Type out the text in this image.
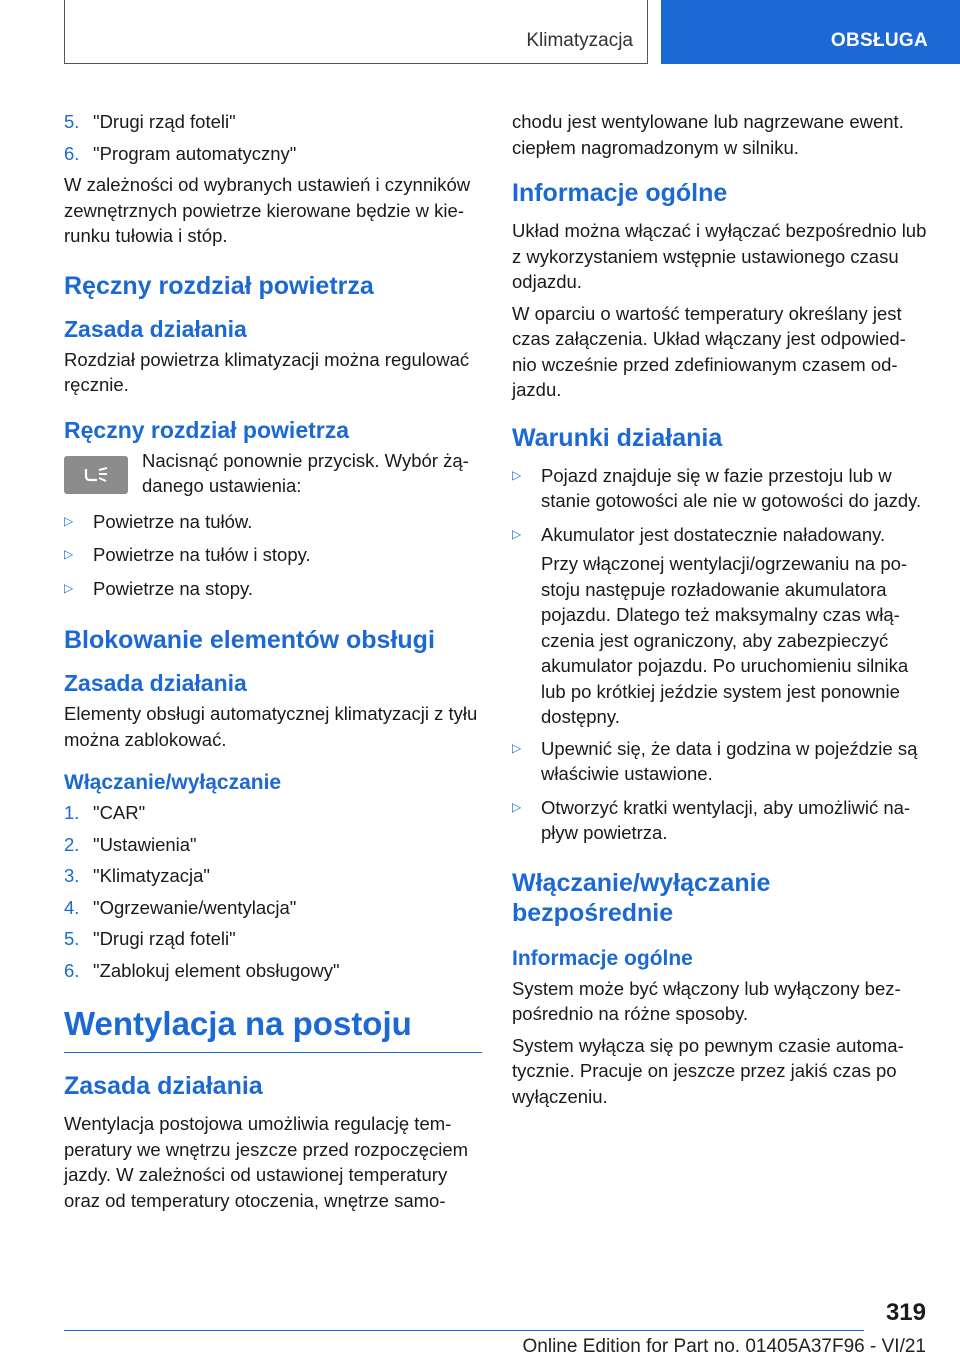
Klimatyzacja	OBSŁUGA
5. "Drugi rząd foteli"
6. "Program automatyczny"

W zależności od wybranych ustawień i czynników zewnętrznych powietrze kierowane będzie w kie-runku tułowia i stóp.

Ręczny rozdział powietrza
Zasada działania

Rozdział powietrza klimatyzacji można regulować ręcznie.

Ręczny rozdział powietrza
Nacisnąć ponownie przycisk. Wybór żą-danego ustawienia:
▷	Powietrze na tułów.
▷	Powietrze na tułów i stopy.
▷	Powietrze na stopy.
Blokowanie elementów obsługi
Zasada działania

Elementy obsługi automatycznej klimatyzacji z tyłu można zablokować.

Włączanie/wyłączanie
1. "CAR"
2. "Ustawienia"
3. "Klimatyzacja"
4. "Ogrzewanie/wentylacja"
5. "Drugi rząd foteli"
6. "Zablokuj element obsługowy"
Wentylacja na postoju
Zasada działania

Wentylacja postojowa umożliwia regulację tem-peratury we wnętrzu jeszcze przed rozpoczęciem jazdy. W zależności od ustawionej temperatury oraz od temperatury otoczenia, wnętrze samo-

chodu jest wentylowane lub nagrzewane ewent. ciepłem nagromadzonym w silniku.

Informacje ogólne

Układ można włączać i wyłączać bezpośrednio lub z wykorzystaniem wstępnie ustawionego czasu odjazdu.

W oparciu o wartość temperatury określany jest czas załączenia. Układ włączany jest odpowied-nio wcześnie przed zdefiniowanym czasem od-jazdu.

Warunki działania
▷	Pojazd znajduje się w fazie przestoju lub w stanie gotowości ale nie w gotowości do jazdy.
▷	Akumulator jest dostatecznie naładowany.

Przy włączonej wentylacji/ogrzewaniu na po-stoju następuje rozładowanie akumulatora pojazdu. Dlatego też maksymalny czas włą-czenia jest ograniczony, aby zabezpieczyć akumulator pojazdu. Po uruchomieniu silnika lub po krótkiej jeździe system jest ponownie dostępny.

▷	Upewnić się, że data i godzina w pojeździe są właściwie ustawione.
▷	Otworzyć kratki wentylacji, aby umożliwić na-pływ powietrza.
Włączanie/wyłączanie bezpośrednie
Informacje ogólne

System może być włączony lub wyłączony bez-pośrednio na różne sposoby.

System wyłącza się po pewnym czasie automa-tycznie. Pracuje on jeszcze przez jakiś czas po wyłączeniu.

319
Online Edition for Part no. 01405A37F96 - VI/21
